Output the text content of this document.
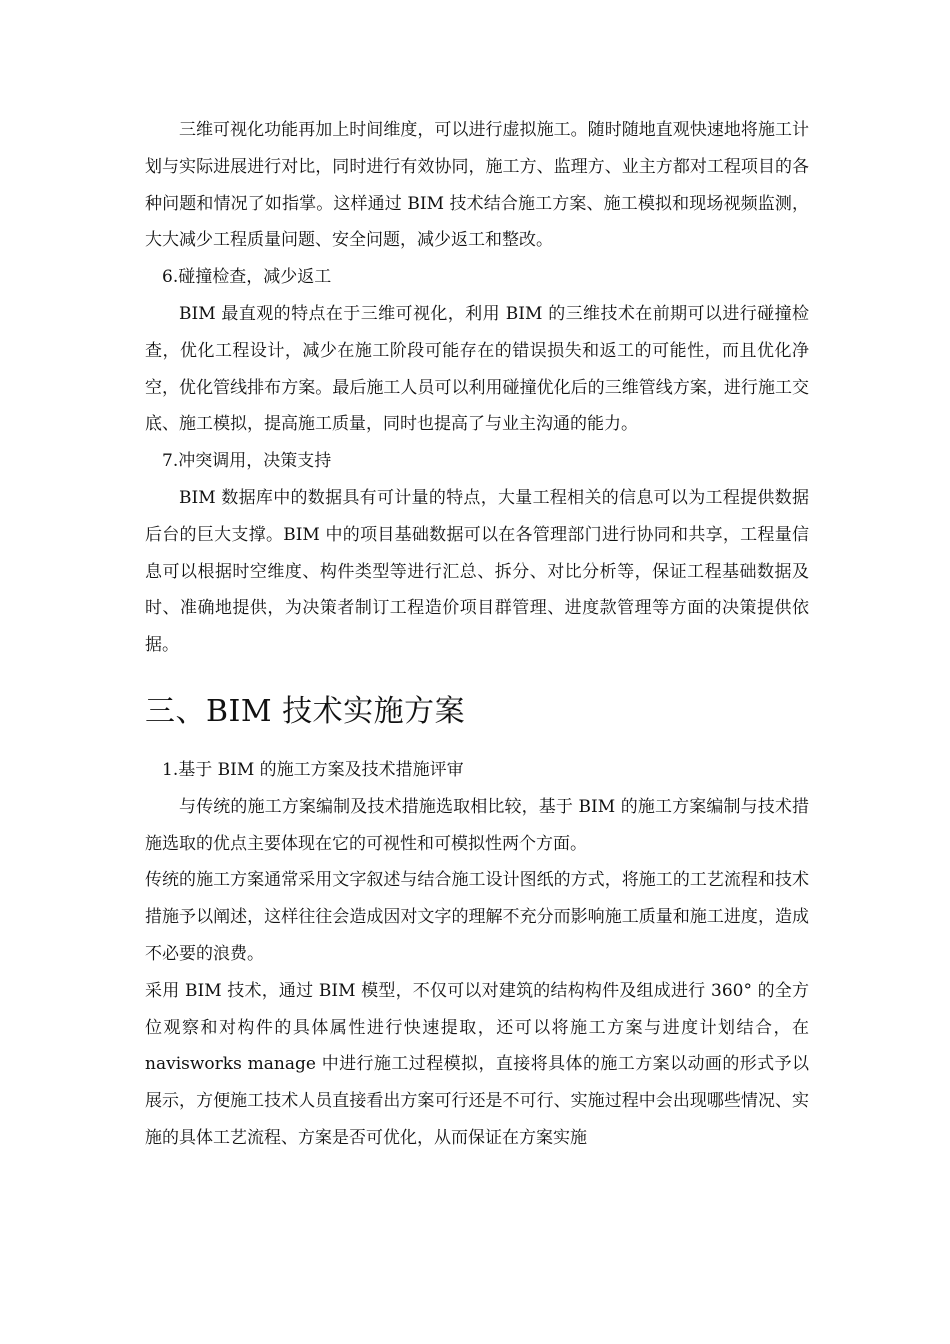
三维可视化功能再加上时间维度，可以进行虚拟施工。随时随地直观快速地将施工计划与实际进展进行对比，同时进行有效协同，施工方、监理方、业主方都对工程项目的各种问题和情况了如指掌。这样通过 BIM 技术结合施工方案、施工模拟和现场视频监测，大大减少工程质量问题、安全问题，减少返工和整改。

6.碰撞检查，减少返工

BIM 最直观的特点在于三维可视化，利用 BIM 的三维技术在前期可以进行碰撞检查，优化工程设计，减少在施工阶段可能存在的错误损失和返工的可能性，而且优化净空，优化管线排布方案。最后施工人员可以利用碰撞优化后的三维管线方案，进行施工交底、施工模拟，提高施工质量，同时也提高了与业主沟通的能力。

7.冲突调用，决策支持

BIM 数据库中的数据具有可计量的特点，大量工程相关的信息可以为工程提供数据后台的巨大支撑。BIM 中的项目基础数据可以在各管理部门进行协同和共享，工程量信息可以根据时空维度、构件类型等进行汇总、拆分、对比分析等，保证工程基础数据及时、准确地提供，为决策者制订工程造价项目群管理、进度款管理等方面的决策提供依据。

三、BIM 技术实施方案

1.基于 BIM 的施工方案及技术措施评审

与传统的施工方案编制及技术措施选取相比较，基于 BIM 的施工方案编制与技术措施选取的优点主要体现在它的可视性和可模拟性两个方面。

传统的施工方案通常采用文字叙述与结合施工设计图纸的方式，将施工的工艺流程和技术措施予以阐述，这样往往会造成因对文字的理解不充分而影响施工质量和施工进度，造成不必要的浪费。

采用 BIM 技术，通过 BIM 模型，不仅可以对建筑的结构构件及组成进行 360° 的全方位观察和对构件的具体属性进行快速提取，还可以将施工方案与进度计划结合，在 navisworks manage 中进行施工过程模拟，直接将具体的施工方案以动画的形式予以展示，方便施工技术人员直接看出方案可行还是不可行、实施过程中会出现哪些情况、实施的具体工艺流程、方案是否可优化，从而保证在方案实施
